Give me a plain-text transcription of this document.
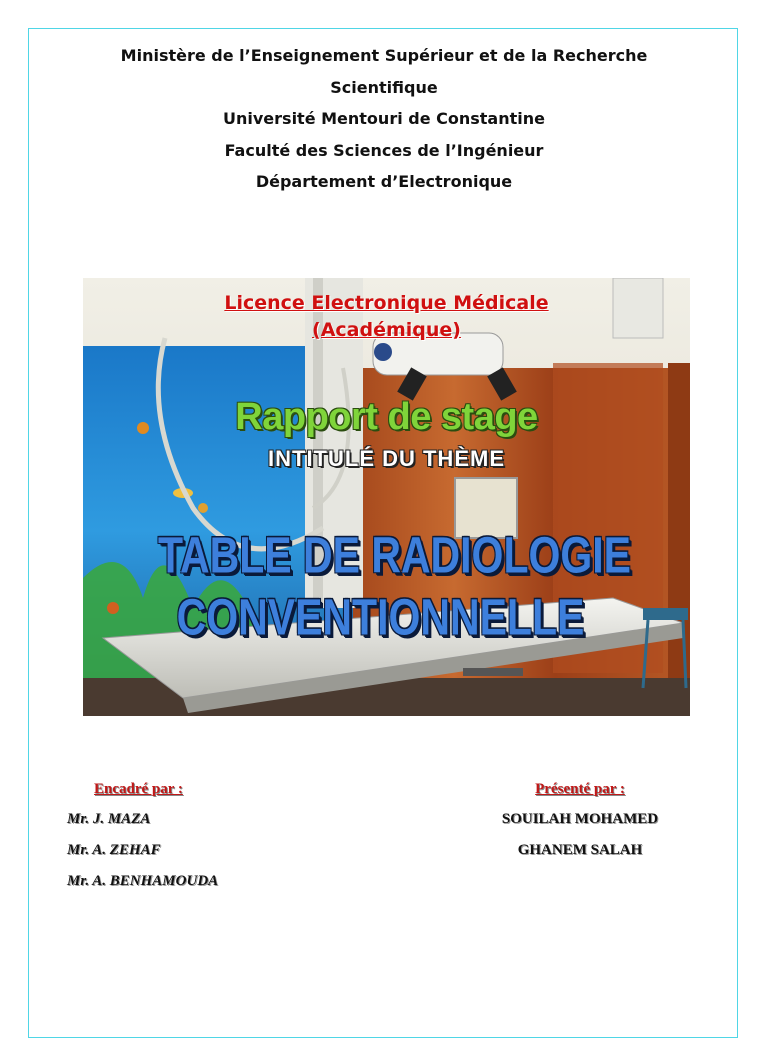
Ministère de l’Enseignement Supérieur et de la Recherche
Scientifique
Université Mentouri de Constantine
Faculté des Sciences de l’Ingénieur
Département d’Electronique
Licence Electronique Médicale
(Académique)
Rapport de stage
INTITULÉ DU THÈME
TABLE DE RADIOLOGIE
CONVENTIONNELLE
Encadré par :
Mr. J. MAZA
Mr. A. ZEHAF
Mr. A. BENHAMOUDA
Présenté par :
SOUILAH MOHAMED
GHANEM SALAH
